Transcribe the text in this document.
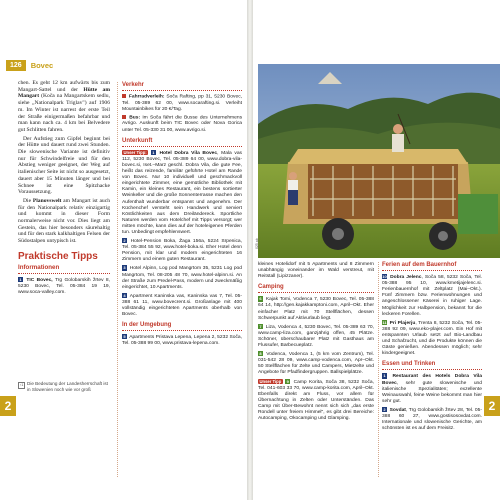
126	Bovec

chen. Es geht 12 km aufwärts bis zum Mangart-Sattel und der Hütte am Mangart (Koča na Mangartskem sedlu, siehe „Nationalpark Triglav") auf 1906 m. Im Winter ist narrest der erste Teil der Straße einigermaßen befahrbar und man kann nach ca. 4 km bei Belvedere gut Schlitten fahren.

Der Aufstieg zum Gipfel beginnt bei der Hütte und dauert rund zwei Stunden. Die slowenische Variante ist definitiv nur für Schwindelfreie und für den Abstieg weniger geeignet, der Weg auf italienischer Seite ist nicht so ausgesetzt, dauert aber 15 Minuten länger und bei Schnee ist eine Spitzhacke Voraussetzung.

Die Planovswelt am Mangart ist auch für den Nationalpark relativ einzigartig und kommt in dieser Form normalerweise nicht vor. Dies liegt am Gestein, das hier besonders säurehaltig und für den stark kalkhaltigen Felsen der Südostalpen untypisch ist.

Praktische Tipps
Informationen

1 TIC Bovec, Trg Golobarskih žrtev 8, 5230 Bovec, Tel. 05-384 19 19, www.soca-valley.com.

↑1 Die Bedeutung der Landesherrschaft ist in Slowenien noch wie vor groß
Verkehr

Fahrradverleih: Soča Rafting, pp 31, 5230 Bovec, Tel. 05-389 62 00, www.socarafting.si. Verleiht Mountainbikes für 20 €/Tag.

Bus: Im Soča fährt die Busse des Unternehmens Avrigo. Auskunft beim TIC Bovec oder Nova Gorica unter Tel. 05-330 31 00, www.avrigo.si.

Unterkunft

Unser Tipp: 1 Hotel Dobra Vila Bovec, Mala vas 112, 5230 Bovec, Tel. 05-389 64 00, www.dobra-vila-bovec.si, Iset.–Marz geschl. Dobra Vila, die gute Fee, heißt das reizende, familiär geführte Hotel am Rande von Bovec. Nur 10 individuell und geschmackvoll eingerichtete Zimmer, eine gemütliche Bibliothek mit Kamin, ein kleines Restaurant, ein bestens sortierter Weinkeller und die große Sonnenterrasse machen den Aufenthalt wunderbar entspannt und angenehm. Der Küchenchef versteht sein Handwerk und serviert Köstlichkeiten aus dem Dreiländereck. Sportliche Naturen werden vom Hotelchef mit Tipps versorgt; wer mitten möchte, kann dies auf der hoteleigenen Pferden tun. Unbedingt empfehlenswert.

2 Hotel-Pension Boka, Žaga 156a, 5224 Srpenica, Tel. 05-384 55 92, www.hotel-boka.si. Eher Hotel denn Pension, mit klar und modern eingerichteten 16 Zimmern und einem guten Restaurant.

3 Hotel Alpinn, Log pod Mangrtom 35, 5231 Log pod Mangrtom, Tel. 08-205 48 70, www.hotel-alpinn.si. An der Straße zum Predel-Pass, modern und zweckmäßig eingerichtet, 10 Apartments.

4 Apartment Kaninska vas, Kaninska vas 7, Tel. 05-388 61 11, www.bovecrent.si. Großanlage mit 400 vollständig eingerichteten Apartments oberhalb von Bovec.

In der Umgebung

5 Apartments Pristava Lepena, Lepena 2, 5232 Soča, Tel. 05-388 99 00, www.pristava-lepena.com.

2
025 ab

kleines Hotelidorf mit 5 Apartments und 8 Zimmern unabhängig voneinander im Wald verstreut, mit Reitstall (Lipizzaner).

Camping

6 Kajak Tomi, Vodenca 7, 5230 Bovec, Tel. 05-388 64 14, http://gen.kajakkamptoni.com, April–Okt. Eher einfacher Platz mit 70 Stellflächen, dessen Schwerpunkt auf Aktivurlaub liegt.

7 Liza, Vodenca 4, 5230 Bovec, Tel. 05-389 63 70, www.camp-liza.com, ganzjährig offen, 45 Plätze. Schöner, überschaubarer Platz mit Gasthaus am Flussufer, Barbecueplatz.

8 Vodenca, Vodenca 1, (5 km vom Zentrum), Tel. 031-542 28 09, www.camp-vodenca.com, Apr–Okt. 50 Stellflächen für Zelte und Campers, Mietzelte und Angebote für Pfadfindergruppen. Ballspielplätze.

Unser Tipp 9 Camp Korita, Soča 38, 5232 Soča, Tel. 041-603 33 70, www.camp-korita.com, April–Okt. Ebenfalls direkt am Fluss, vor allem für Übernachtung in Zelten oder Unterständen. Das Camp mit Über-Bewohnt nennt sich sich „das erste Rondell unter freiem Himmel", es gibt drei Bereiche: Autocamping, Okocamping und Glamping.

Ferien auf dem Bauernhof

10 Dobra Jelenc, Soča 58, 5232 Soča, Tel. 05-388 95 10, www.kmetijajelenc.si. Ferienbauernhof mit Zeltplatz (Mai–Okt.). Fünf Zimmern bzw. Ferienwohnungen und angeschlossener Käserei in ruhiger Lage. Möglichkeit zur Halbpension, bekannt für die leckeren Forellen.

11 Pri Plajerju, Trenta 8, 5232 Soča, Tel. 05-388 92 09, www.eko-plajer.com. Ein Hof mit entspannten Urlaub setzt auf Bio-Landbau und Schafzucht, und die Produkte können die Gäste genießen. Abendessen möglich; sehr kindergeeignet.

Essen und Trinken

1 Restaurant des Hotels Dobra Vila Bovec, sehr gute slowenische und italienische Spezialitäten; exzellente Weinauswahl, feine Weine bekommt man hier sehr gut.

2 Sovdat, Trg Golobarskih žrtev 28, Tel. 05-388 60 27, www.gostisosovdat.com. Internationale und slowenische Gerichte, am schönsten ist es auf dem Freisitz.

2
